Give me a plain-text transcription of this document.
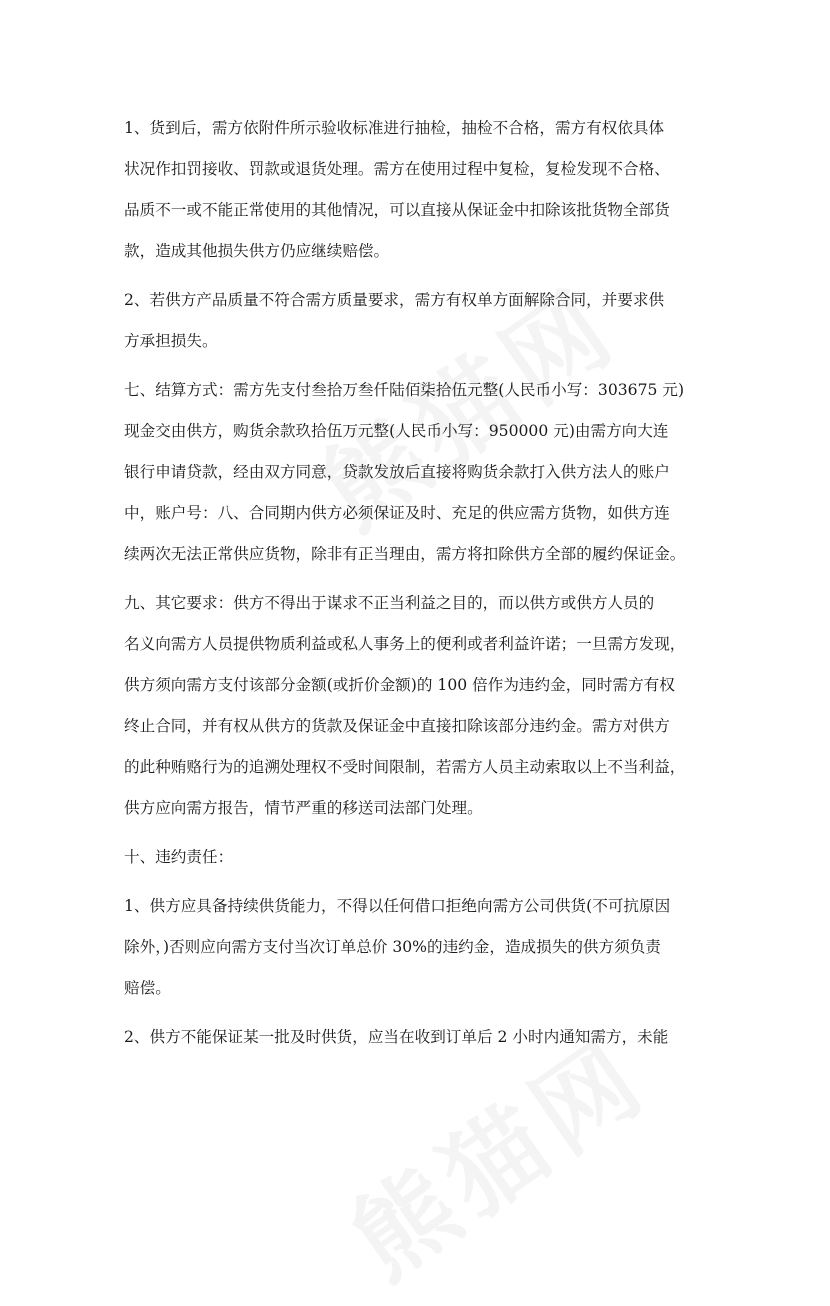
1、货到后，需方依附件所示验收标准进行抽检，抽检不合格，需方有权依具体
状况作扣罚接收、罚款或退货处理。需方在使用过程中复检，复检发现不合格、
品质不一或不能正常使用的其他情况，可以直接从保证金中扣除该批货物全部货
款，造成其他损失供方仍应继续赔偿。
2、若供方产品质量不符合需方质量要求，需方有权单方面解除合同，并要求供
方承担损失。
七、结算方式：需方先支付叁拾万叁仟陆佰柒拾伍元整(人民币小写：303675 元)
现金交由供方，购货余款玖拾伍万元整(人民币小写：950000 元)由需方向大连
银行申请贷款，经由双方同意，贷款发放后直接将购货余款打入供方法人的账户
中，账户号：八、合同期内供方必须保证及时、充足的供应需方货物，如供方连
续两次无法正常供应货物，除非有正当理由，需方将扣除供方全部的履约保证金。
九、其它要求：供方不得出于谋求不正当利益之目的，而以供方或供方人员的
名义向需方人员提供物质利益或私人事务上的便利或者利益许诺；一旦需方发现，
供方须向需方支付该部分金额(或折价金额)的 100 倍作为违约金，同时需方有权
终止合同，并有权从供方的货款及保证金中直接扣除该部分违约金。需方对供方
的此种贿赂行为的追溯处理权不受时间限制，若需方人员主动索取以上不当利益，
供方应向需方报告，情节严重的移送司法部门处理。
十、违约责任：
1、供方应具备持续供货能力，不得以任何借口拒绝向需方公司供货(不可抗原因
除外，)否则应向需方支付当次订单总价 30%的违约金，造成损失的供方须负责
赔偿。
2、供方不能保证某一批及时供货，应当在收到订单后 2 小时内通知需方，未能
